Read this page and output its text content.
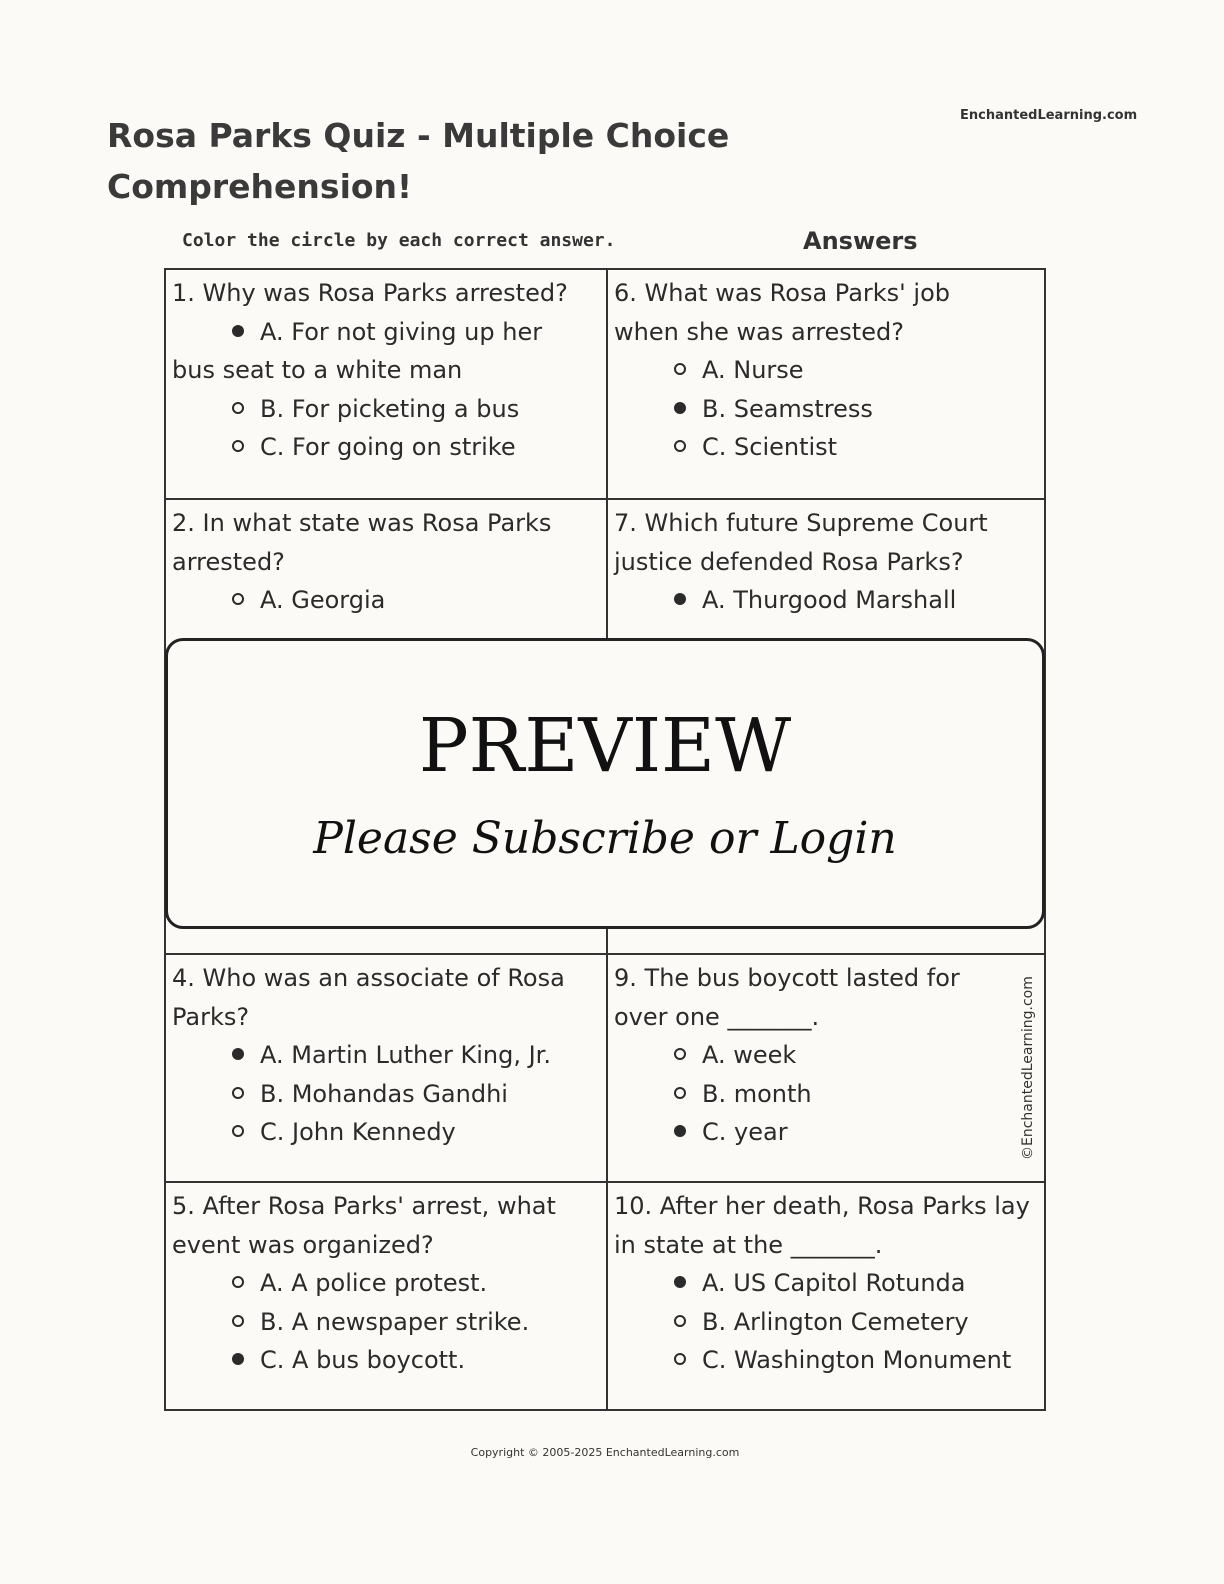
EnchantedLearning.com
Rosa Parks Quiz - Multiple Choice Comprehension!
Color the circle by each correct answer.	Answers
1. Why was Rosa Parks arrested?
A. For not giving up her
bus seat to a white man
B. For picketing a bus
C. For going on strike
2. In what state was Rosa Parks arrested?
A. Georgia
4. Who was an associate of Rosa Parks?
A. Martin Luther King, Jr.
B. Mohandas Gandhi
C. John Kennedy
5. After Rosa Parks' arrest, what event was organized?
A. A police protest.
B. A newspaper strike.
C. A bus boycott.
6. What was Rosa Parks' job when she was arrested?
A. Nurse
B. Seamstress
C. Scientist
7. Which future Supreme Court justice defended Rosa Parks?
A. Thurgood Marshall
9. The bus boycott lasted for over one _______.
A. week
B. month
C. year
10. After her death, Rosa Parks lay in state at the _______.
A. US Capitol Rotunda
B. Arlington Cemetery
C. Washington Monument
©EnchantedLearning.com
PREVIEW
Please Subscribe or Login
Copyright © 2005-2025 EnchantedLearning.com
